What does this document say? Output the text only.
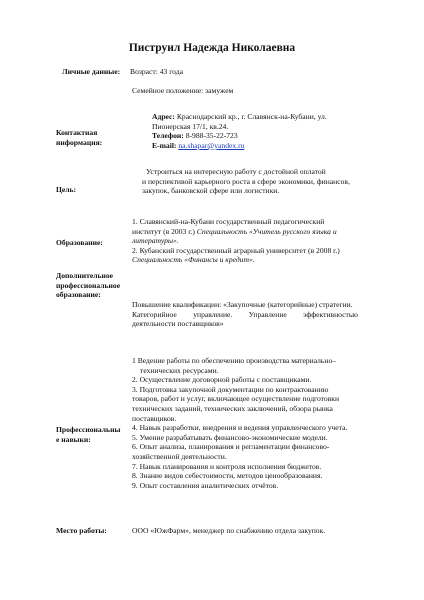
Пиструил Надежда Николаевна
Личные данные: Возраст: 43 года
Семейное положение: замужем
Контактная
информация:
Адрес: Краснодарский кр., г. Славянск-на-Кубани, ул.
Пионерская 17/1, кв.24.
Телефон: 8-988-35-22-723
E-mail: na.shapar@yandex.ru
Цель:
Устроиться на интересную работу с достойной оплатой
и перспективой карьерного роста в сфере экономики, финансов,
закупок, банковской сфере или логистики.
Образование:
1. Славянский-на-Кубани государственный педагогический
институт (в 2003 г.) Специальность «Учитель русского языка и
литературы».
2. Кубанский государственный аграрный университет (в 2008 г.)
Специальность «Финансы и кредит».
Дополнительное
профессиональное
образование:
Повышение квалификации: «Закупочные (категорийные) стратегии.
Категорийное управление. Управление эффективностью
деятельности поставщиков»
Профессиональны
е навыки:
1 Ведение работы по обеспечению производства материально–
технических ресурсами.
2. Осуществление договорной работы с поставщиками.
3. Подготовка закупочной документации по контрактованию
товаров, работ и услуг, включающее осуществление подготовки
технических заданий, технических заключений, обзора рынка
поставщиков.
4. Навык разработки, внедрения и ведения управленческого учета.
5. Умение разрабатывать финансово-экономические модели.
6. Опыт анализа, планирования и регламентации финансово-
хозяйственной деятельности.
7. Навык планирования и контроля исполнения бюджетов.
8. Знание видов себестоимости, методов ценообразования.
9. Опыт составления аналитических отчётов.
Место работы:	ООО «ЮжФарм», менеджер по снабжению отдела закупок.
